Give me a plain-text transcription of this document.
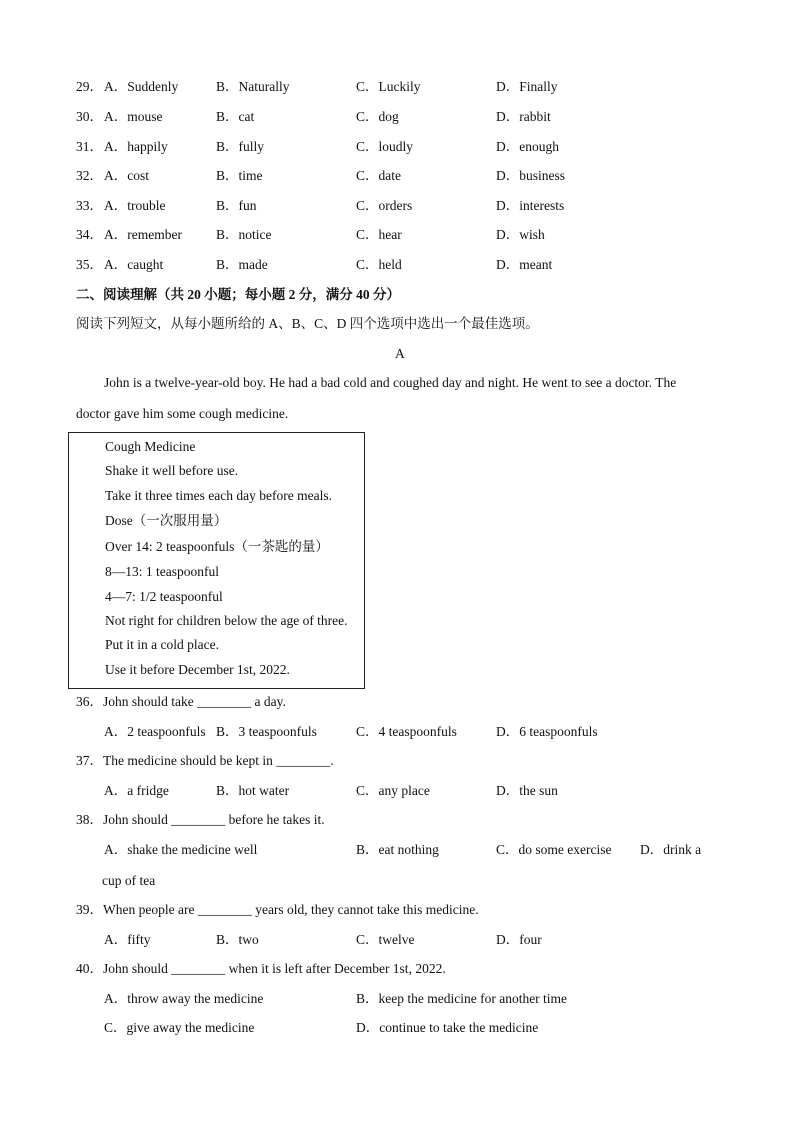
29． A．Suddenly	B．Naturally	C．Luckily	D．Finally
30． A．mouse	B．cat	C．dog	D．rabbit
31． A．happily	B．fully	C．loudly	D．enough
32． A．cost	B．time	C．date	D．business
33． A．trouble	B．fun	C．orders	D．interests
34． A．remember	B．notice	C．hear	D．wish
35． A．caught	B．made	C．held	D．meant
二、阅读理解（共 20 小题；每小题 2 分，满分 40 分）
阅读下列短文，从每小题所给的 A、B、C、D 四个选项中选出一个最佳选项。
A
John is a twelve-year-old boy. He had a bad cold and coughed day and night. He went to see a doctor. The
doctor gave him some cough medicine.
Cough Medicine
Shake it well before use.
Take it three times each day before meals.
Dose（一次服用量）
Over 14: 2 teaspoonfuls（一茶匙的量）
8—13: 1 teaspoonful
4—7: 1/2 teaspoonful
Not right for children below the age of three.
Put it in a cold place.
Use it before December 1st, 2022.
36．John should take ________ a day.
A．2 teaspoonfuls B．3 teaspoonfuls	C．4 teaspoonfuls	D．6 teaspoonfuls
37．The medicine should be kept in ________.
A．a fridge	B．hot water	C．any place	D．the sun
38．John should ________ before he takes it.
A．shake the medicine well	B．eat nothing	C．do some exercise D．drink a
cup of tea
39．When people are ________ years old, they cannot take this medicine.
A．fifty	B．two	C．twelve	D．four
40．John should ________ when it is left after December 1st, 2022.
A．throw away the medicine	B．keep the medicine for another time
C．give away the medicine	D．continue to take the medicine
